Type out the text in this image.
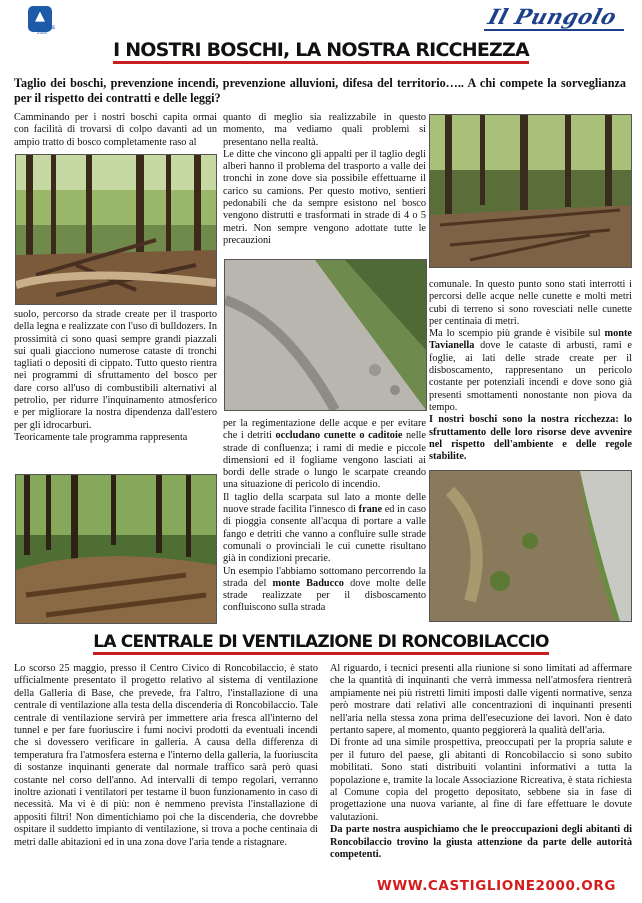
▲
CASTIGLIONE 2000
Il Pungolo
I NOSTRI BOSCHI, LA NOSTRA RICCHEZZA
Taglio dei boschi, prevenzione incendi, prevenzione alluvioni, difesa del territorio….. A chi compete la sorveglianza per il rispetto dei contratti e delle leggi?

Camminando per i nostri boschi capita ormai con facilità di trovarsi di colpo davanti ad un ampio tratto di bosco completamente raso al

suolo, percorso da strade create per il trasporto della legna e realizzate con l'uso di bulldozers. In prossimità ci sono quasi sempre grandi piazzali sui quali giacciono numerose cataste di tronchi tagliati o depositi di cippato. Tutto questo rientra nei programmi di sfruttamento del bosco per dare corso all'uso di combustibili alternativi al petrolio, per ridurre l'inquinamento atmosferico e per migliorare la nostra dipendenza dall'estero per gli idrocarburi.

Teoricamente tale programma rappresenta

quanto di meglio sia realizzabile in questo momento, ma vediamo quali problemi si presentano nella realtà.

Le ditte che vincono gli appalti per il taglio degli alberi hanno il problema del trasporto a valle dei tronchi in zone dove sia possibile effettuarne il carico su camions. Per questo motivo, sentieri pedonabili che da sempre esistono nel bosco vengono distrutti e trasformati in strade di 4 o 5 metri. Non sempre vengono adottate tutte le precauzioni

per la regimentazione delle acque e per evitare che i detriti occludano cunette o caditoie nelle strade di confluenza; i rami di medie e piccole dimensioni ed il fogliame vengono lasciati ai bordi delle strade o lungo le scarpate creando una situazione di pericolo di incendio.

Il taglio della scarpata sul lato a monte delle nuove strade facilita l'innesco di frane ed in caso di pioggia consente all'acqua di portare a valle fango e detriti che vanno a confluire sulle strade comunali o provinciali le cui cunette risultano già in condizioni precarie.

Un esempio l'abbiamo sottomano percorrendo la strada del monte Baducco dove molte delle strade realizzate per il disboscamento confluiscono sulla strada

comunale. In questo punto sono stati interrotti i percorsi delle acque nelle cunette e molti metri cubi di terreno si sono rovesciati nelle cunette per centinaia di metri.

Ma lo scempio più grande è visibile sul monte Tavianella dove le cataste di arbusti, rami e foglie, ai lati delle strade create per il disboscamento, rappresentano un pericolo costante per potenziali incendi e dove sono già presenti smottamenti nonostante non piova da tempo.

I nostri boschi sono la nostra ricchezza: lo sfruttamento delle loro risorse deve avvenire nel rispetto dell'ambiente e delle regole stabilite.

LA CENTRALE DI VENTILAZIONE DI RONCOBILACCIO

Lo scorso 25 maggio, presso il Centro Civico di Roncobilaccio, è stato ufficialmente presentato il progetto relativo al sistema di ventilazione della Galleria di Base, che prevede, fra l'altro, l'installazione di una centrale di ventilazione alla testa della discenderia di Roncobilaccio. Tale centrale di ventilazione servirà per immettere aria fresca all'interno del tunnel e per fare fuoriuscire i fumi nocivi prodotti da eventuali incendi che si dovessero verificare in galleria. A causa della differenza di temperatura fra l'atmosfera esterna e l'interno della galleria, la fuoriuscita di sostanze inquinanti generate dal normale traffico sarà però quasi costante nel corso dell'anno. Ad intervalli di tempo regolari, verranno inoltre azionati i ventilatori per testarne il buon funzionamento in caso di necessità. Ma vi è di più: non è nemmeno prevista l'installazione di appositi filtri! Non dimentichiamo poi che la discenderia, che dovrebbe ospitare il suddetto impianto di ventilazione, si trova a poche centinaia di metri dalle abitazioni ed in una zona dove l'aria tende a ristagnare.

Al riguardo, i tecnici presenti alla riunione si sono limitati ad affermare che la quantità di inquinanti che verrà immessa nell'atmosfera rientrerà ampiamente nei più ristretti limiti imposti dalle vigenti normative, senza però mostrare dati relativi alle concentrazioni di inquinanti presenti nell'aria nella stessa zona prima dell'esecuzione dei lavori. Non è dato pertanto sapere, al momento, quanto peggiorerà la qualità dell'aria.

Di fronte ad una simile prospettiva, preoccupati per la propria salute e per il futuro del paese, gli abitanti di Roncobilaccio si sono subito mobilitati. Sono stati distribuiti volantini informativi a tutta la popolazione e, tramite la locale Associazione Ricreativa, è stata richiesta al Comune copia del progetto depositato, sebbene sia in fase di progettazione una nuova variante, al fine di fare effettuare le dovute valutazioni.

Da parte nostra auspichiamo che le preoccupazioni degli abitanti di Roncobilaccio trovino la giusta attenzione da parte delle autorità competenti.

WWW.CASTIGLIONE2000.ORG
